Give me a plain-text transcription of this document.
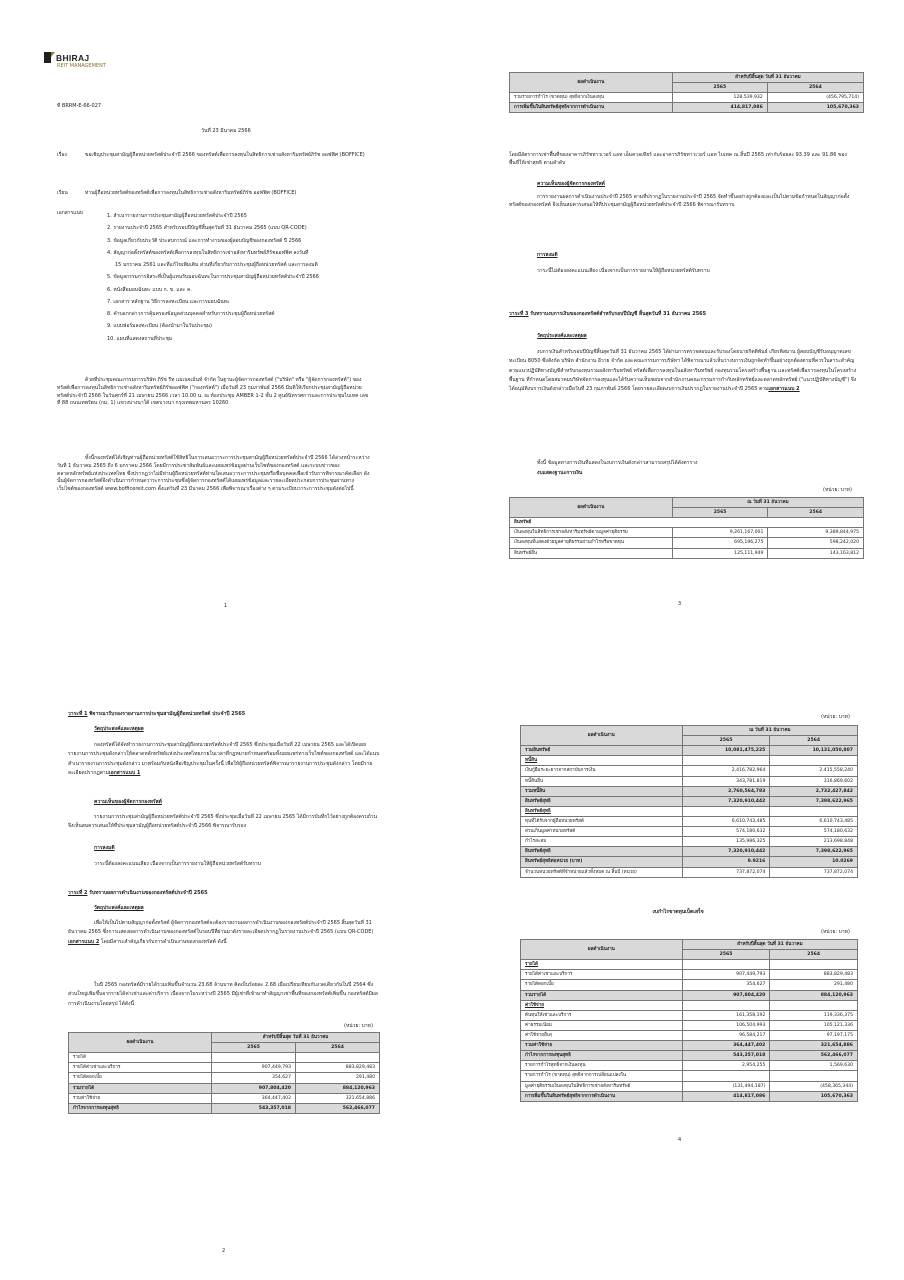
BHIRAJ
REIT MANAGEMENT
ที่ BRRM-E-66-027
วันที่ 23 มีนาคม 2566
เรื่อง	ขอเชิญประชุมสามัญผู้ถือหน่วยทรัสต์ประจำปี 2566 ของทรัสต์เพื่อการลงทุนในสิทธิการเช่าอสังหาริมทรัพย์ภิรัช ออฟฟิศ (BOFFICE)
เรียน	ท่านผู้ถือหน่วยทรัสต์ของทรัสต์เพื่อการลงทุนในสิทธิการเช่าอสังหาริมทรัพย์ภิรัช ออฟฟิศ (BOFFICE)
เอกสารแนบ	1. สำเนารายงานการประชุมสามัญผู้ถือหน่วยทรัสต์ประจำปี 2565
2. รายงานประจำปี 2565 สำหรับรอบปีบัญชีสิ้นสุดวันที่ 31 ธันวาคม 2565 (แบบ QR-CODE)
3. ข้อมูลเกี่ยวกับประวัติ ประสบการณ์ และการทำงานของผู้สอบบัญชีของกองทรัสต์ ปี 2566
4. สัญญาก่อตั้งทรัสต์ของทรัสต์เพื่อการลงทุนในสิทธิการเช่าอสังหาริมทรัพย์ภิรัชออฟฟิศ ลงวันที่
15 มกราคม 2561 และที่แก้ไขเพิ่มเติม ส่วนที่เกี่ยวกับการประชุมผู้ถือหน่วยทรัสต์ และการลงมติ
5. ข้อมูลกรรมการอิสระที่เป็นผู้แทนรับมอบฉันทะในการประชุมสามัญผู้ถือหน่วยทรัสต์ประจำปี 2566
6. หนังสือมอบฉันทะ แบบ ก. ข. และ ค.
7. เอกสาร หลักฐาน วิธีการลงทะเบียน และการมอบฉันทะ
8. คำบอกกล่าวการคุ้มครองข้อมูลส่วนบุคคลสำหรับการประชุมผู้ถือหน่วยทรัสต์
9. แบบฟอร์มลงทะเบียน (ต้องนำมาในวันประชุม)
10. แผนที่แสดงสถานที่ประชุม
ด้วยที่ประชุมคณะกรรมการบริษัท ภิรัช รีท แมเนจเม้นท์ จำกัด ในฐานะผู้จัดการกองทรัสต์ ("บริษัท" หรือ "ผู้จัดการกองทรัสต์") ของทรัสต์เพื่อการลงทุนในสิทธิการเช่าอสังหาริมทรัพย์ภิรัชออฟฟิศ ("กองทรัสต์") เมื่อวันที่ 23 กุมภาพันธ์ 2566 มีมติให้เรียกประชุมสามัญผู้ถือหน่วยทรัสต์ประจำปี 2566 ในวันศุกร์ที่ 21 เมษายน 2566 เวลา 10.00 น. ณ ห้องประชุม AMBER 1-2 ชั้น 2 ศูนย์นิทรรศการและการประชุมไบเทค เลขที่ 88 ถนนเทพรัตน (กม. 1) แขวงบางนาใต้ เขตบางนา กรุงเทพมหานคร 10260
ทั้งนี้กองทรัสต์ได้เชิญท่านผู้ถือหน่วยทรัสต์ใช้สิทธิในการเสนอวาระการประชุมสามัญผู้ถือหน่วยทรัสต์ประจำปี 2566 ได้ล่วงหน้าระหว่างวันที่ 1 ธันวาคม 2565 ถึง 6 มกราคม 2566 โดยมีการประชาสัมพันธ์และเผยแพร่ข้อมูลผ่านเว็บไซต์ของกองทรัสต์ และระบบข่าวของตลาดหลักทรัพย์แห่งประเทศไทย ซึ่งปรากฏว่าไม่มีท่านผู้ถือหน่วยทรัสต์ท่านใดเสนอวาระการประชุมหรือชื่อบุคคลเพื่อเข้ารับการพิจารณาคัดเลือก ดังนั้นผู้จัดการกองทรัสต์จึงดำเนินการกำหนดวาระการประชุมซึ่งผู้จัดการกองทรัสต์ได้เผยแพร่ข้อมูลและรายละเอียดประกอบการประชุมผ่านทางเว็บไซต์ของกองทรัสต์ www.bofficereit.com ตั้งแต่วันที่ 23 มีนาคม 2566 เพื่อพิจารณาเรื่องต่าง ๆ ตามระเบียบวาระการประชุมดังต่อไปนี้
1
ผลดำเนินงาน	สำหรับปีสิ้นสุด วันที่ 31 ธันวาคม	
	2565	2564
รวมรายการกำไร (ขาดทุน) สุทธิจากเงินลงทุน	128,539,932	(456,795,714)
การเพิ่มขึ้นในสินทรัพย์สุทธิจากการดำเนินงาน	414,817,086	105,670,363
โดยมีอัตราการเช่าพื้นที่ของอาคารภิรัชทาวเวอร์ แอท เอ็มควอเทียร์ และอาคารภิรัชทาวเวอร์ แอท ไบเทค ณ สิ้นปี 2565 เท่ากับร้อยละ 93.39 และ 91.86 ของพื้นที่ให้เช่าสุทธิ ตามลำดับ
ความเห็นของผู้จัดการกองทรัสต์
การรายงานผลการดำเนินงานประจำปี 2565 ตามที่ปรากฏในรายงานประจำปี 2565 จัดทำขึ้นอย่างถูกต้องและเป็นไปตามข้อกำหนดในสัญญาก่อตั้งทรัสต์ของกองทรัสต์ จึงเห็นสมควรเสนอให้ที่ประชุมสามัญผู้ถือหน่วยทรัสต์ประจำปี 2566 พิจารณารับทราบ
การลงมติ
วาระนี้ไม่ต้องลงคะแนนเสียง เนื่องจากเป็นการรายงานให้ผู้ถือหน่วยทรัสต์รับทราบ
วาระที่ 3 รับทราบงบการเงินของกองทรัสต์สำหรับรอบปีบัญชี สิ้นสุดวันที่ 31 ธันวาคม 2565
วัตถุประสงค์และเหตุผล
งบการเงินสำหรับรอบปีบัญชีสิ้นสุดวันที่ 31 ธันวาคม 2565 ได้ผ่านการตรวจสอบและรับรองโดยนายกิตติพันธ์ เกียรติสมาน ผู้สอบบัญชีรับอนุญาตเลขทะเบียน 8050 ซึ่งสังกัด บริษัท สำนักงาน อีวาย จำกัด และคณะกรรมการบริษัทฯ ได้พิจารณาแล้วเห็นว่างบการเงินถูกจัดทำขึ้นอย่างถูกต้องตามที่ควรในสาระสำคัญตามแนวปฏิบัติทางบัญชีสำหรับกองทุนรวมอสังหาริมทรัพย์ ทรัสต์เพื่อการลงทุนในอสังหาริมทรัพย์ กองทุนรวมโครงสร้างพื้นฐาน และทรัสต์เพื่อการลงทุนในโครงสร้างพื้นฐาน ที่กำหนดโดยสมาคมบริษัทจัดการลงทุนและได้รับความเห็นชอบจากสำนักงานคณะกรรมการกำกับหลักทรัพย์และตลาดหลักทรัพย์ ("แนวปฏิบัติทางบัญชี") จึงได้อนุมัติงบการเงินดังกล่าวเมื่อวันที่ 23 กุมภาพันธ์ 2566 โดยรายละเอียดงบการเงินปรากฏในรายงานประจำปี 2565 ตามเอกสารแนบ 2
ทั้งนี้ ข้อมูลทางการเงินที่แสดงในงบการเงินดังกล่าวสามารถสรุปได้ดังตาราง
งบแสดงฐานะการเงิน
(หน่วย: บาท)
ผลดำเนินงาน	ณ วันที่ 31 ธันวาคม	
	2565	2564
สินทรัพย์		
เงินลงทุนในสิทธิการเช่าอสังหาริมทรัพย์ตามมูลค่ายุติธรรม	9,261,167,001	9,389,844,975
เงินลงทุนที่แสดงด้วยมูลค่ายุติธรรมผ่านกำไรหรือขาดทุน	695,196,275	598,242,020
สินทรัพย์อื่น	125,111,949	143,163,812
3
วาระที่ 1 พิจารณารับรองรายงานการประชุมสามัญผู้ถือหน่วยทรัสต์ ประจำปี 2565
วัตถุประสงค์และเหตุผล
กองทรัสต์ได้จัดทำรายงานการประชุมสามัญผู้ถือหน่วยทรัสต์ประจำปี 2565 ซึ่งประชุมเมื่อวันที่ 22 เมษายน 2565 และได้เปิดเผยรายงานการประชุมดังกล่าวให้ตลาดหลักทรัพย์แห่งประเทศไทยภายในเวลาที่กฎหมายกำหนดพร้อมทั้งเผยแพร่ทางเว็บไซต์ของกองทรัสต์ และได้แนบสำเนารายงานการประชุมดังกล่าว มาพร้อมกับหนังสือเชิญประชุมในครั้งนี้ เพื่อให้ผู้ถือหน่วยทรัสต์พิจารณารายงานการประชุมดังกล่าว โดยมีรายละเอียดปรากฏตามเอกสารแนบ 1
ความเห็นของผู้จัดการกองทรัสต์
รายงานการประชุมสามัญผู้ถือหน่วยทรัสต์ประจำปี 2565 ซึ่งประชุมเมื่อวันที่ 22 เมษายน 2565 ได้มีการบันทึกไว้อย่างถูกต้องครบถ้วน จึงเห็นสมควรเสนอให้ที่ประชุมสามัญผู้ถือหน่วยทรัสต์ประจำปี 2566 พิจารณารับรอง
การลงมติ
วาระนี้ต้องลงคะแนนเสียง เนื่องจากเป็นการรายงานให้ผู้ถือหน่วยทรัสต์รับทราบ
วาระที่ 2 รับทราบผลการดำเนินงานของกองทรัสต์ประจำปี 2565
วัตถุประสงค์และเหตุผล
เพื่อให้เป็นไปตามสัญญาก่อตั้งทรัสต์ ผู้จัดการกองทรัสต์จะต้องรายงานผลการดำเนินงานของกองทรัสต์ประจำปี 2565 สิ้นสุดวันที่ 31 ธันวาคม 2565 ซึ่งการแสดงผลการดำเนินงานของกองทรัสต์ในรอบปีที่ผ่านมาดังรายละเอียดปรากฏในรายงานประจำปี 2565 (แบบ QR-CODE) เอกสารแนบ 2 โดยมีสาระสำคัญเกี่ยวกับการดำเนินงานของกองทรัสต์ ดังนี้
ในปี 2565 กองทรัสต์มีรายได้รวมเพิ่มขึ้นจำนวน 23.68 ล้านบาท คิดเป็นร้อยละ 2.68 เมื่อเปรียบเทียบกับงวดเดียวกันในปี 2564 ซึ่งส่วนใหญ่เพิ่มขึ้นจากรายได้ค่าเช่าและค่าบริการ เนื่องจากในระหว่างปี 2565 มีผู้เช่าที่เข้ามาทำสัญญาเช่าพื้นที่ของกองทรัสต์เพิ่มขึ้น กองทรัสต์มีผลการดำเนินงานโดยสรุป ได้ดังนี้
(หน่วย: บาท)
ผลดำเนินงาน	สำหรับปีสิ้นสุด วันที่ 31 ธันวาคม	
	2565	2564
รายได้		
รายได้ค่าเช่าและบริการ	907,449,793	883,829,483
รายได้ดอกเบี้ย	354,627	291,480
รวมรายได้	907,804,420	884,120,963
รวมค่าใช้จ่าย	364,447,402	321,654,886
กำไรจากการลงทุนสุทธิ	543,357,018	562,466,077
2
(หน่วย: บาท)
ผลดำเนินงาน	ณ วันที่ 31 ธันวาคม	
	2565	2564
รวมสินทรัพย์	10,081,475,225	10,131,050,807
หนี้สิน		
เงินกู้ยืมระยะยาวจากสถาบันการเงิน	2,416,782,964	2,415,558,240
หนี้สินอื่น	343,781,819	316,869,602
รวมหนี้สิน	2,760,564,783	2,732,427,842
สินทรัพย์สุทธิ	7,320,910,442	7,398,622,965
สินทรัพย์สุทธิ		
ทุนที่ได้รับจากผู้ถือหน่วยทรัสต์	6,610,743,485	6,610,743,485
ส่วนเกินมูลค่าหน่วยทรัสต์	574,180,632	574,180,632
กำไรสะสม	135,986,325	213,698,848
สินทรัพย์สุทธิ	7,320,910,442	7,398,622,965
สินทรัพย์สุทธิต่อหน่วย (บาท)	9.9216	10.0269
จำนวนหน่วยทรัสต์ที่จำหน่ายแล้วทั้งหมด ณ สิ้นปี (หน่วย)	737,872,074	737,872,074
งบกำไรขาดทุนเบ็ดเสร็จ
(หน่วย: บาท)
ผลดำเนินงาน	สำหรับปีสิ้นสุด วันที่ 31 ธันวาคม	
	2565	2564
รายได้		
รายได้ค่าเช่าและบริการ	907,449,793	883,829,483
รายได้ดอกเบี้ย	354,627	291,480
รวมรายได้	907,804,420	884,120,963
ค่าใช้จ่าย		
ต้นทุนให้เช่าและบริการ	161,358,192	119,336,375
ค่าธรรมเนียม	106,504,993	105,121,336
ค่าใช้จ่ายอื่นๆ	96,584,217	97,197,175
รวมค่าใช้จ่าย	364,447,402	321,654,886
กำไรจากการลงทุนสุทธิ	543,357,018	562,466,077
รายการกำไรสุทธิจากเงินลงทุน	2,954,255	1,569,630
รายการกำไร (ขาดทุน) สุทธิจากการเปลี่ยนแปลงใน		
มูลค่ายุติธรรมเงินลงทุนในสิทธิการเช่าอสังหาริมทรัพย์	(131,494,187)	(458,365,344)
การเพิ่มขึ้นในสินทรัพย์สุทธิจากการดำเนินงาน	414,817,086	105,670,363
4
